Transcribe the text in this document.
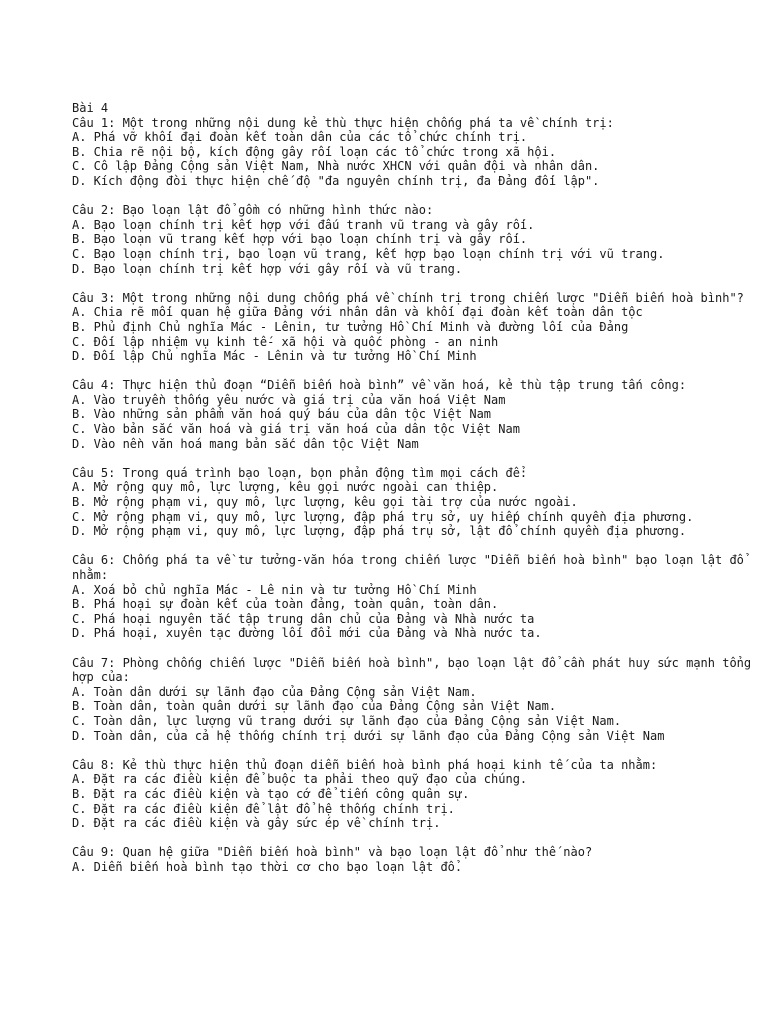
Bài 4
Câu 1: Một trong những nội dung kẻ thù thực hiện chống phá ta về chính trị:
A. Phá vỡ khối đại đoàn kết toàn dân của các tổ chức chính trị.
B. Chia rẽ nội bộ, kích động gây rối loạn các tổ chức trong xã hội.
C. Cô lập Đảng Cộng sản Việt Nam, Nhà nước XHCN với quân đội và nhân dân.
D. Kích động đòi thực hiện chế độ "đa nguyên chính trị, đa Đảng đối lập".
Câu 2: Bạo loạn lật đổ gồm có những hình thức nào:
A. Bạo loạn chính trị kết hợp với đấu tranh vũ trang và gây rối.
B. Bạo loạn vũ trang kết hợp với bạo loạn chính trị và gây rối.
C. Bạo loạn chính trị, bạo loạn vũ trang, kết hợp bạo loạn chính trị với vũ trang.
D. Bạo loạn chính trị kết hợp với gây rối và vũ trang.
Câu 3: Một trong những nội dung chống phá về chính trị trong chiến lược "Diễn biến hoà bình"?
A. Chia rẽ mối quan hệ giữa Đảng với nhân dân và khối đại đoàn kết toàn dân tộc
B. Phủ định Chủ nghĩa Mác - Lênin, tư tưởng Hồ Chí Minh và đường lối của Đảng
C. Đối lập nhiệm vụ kinh tế- xã hội và quốc phòng - an ninh
D. Đối lập Chủ nghĩa Mác - Lênin và tư tưởng Hồ Chí Minh
Câu 4: Thực hiện thủ đoạn “Diễn biến hoà bình” về văn hoá, kẻ thù tập trung tấn công:
A. Vào truyền thống yêu nước và giá trị của văn hoá Việt Nam
B. Vào những sản phẩm văn hoá quý báu của dân tộc Việt Nam
C. Vào bản sắc văn hoá và giá trị văn hoá của dân tộc Việt Nam
D. Vào nền văn hoá mang bản sắc dân tộc Việt Nam
Câu 5: Trong quá trình bạo loạn, bọn phản động tìm mọi cách để:
A. Mở rộng quy mô, lực lượng, kêu gọi nước ngoài can thiệp.
B. Mở rộng phạm vi, quy mô, lực lượng, kêu gọi tài trợ của nước ngoài.
C. Mở rộng phạm vi, quy mô, lực lượng, đập phá trụ sở, uy hiếp chính quyền địa phương.
D. Mở rộng phạm vi, quy mô, lực lượng, đập phá trụ sở, lật đổ chính quyền địa phương.
Câu 6: Chống phá ta về tư tưởng-văn hóa trong chiến lược "Diễn biến hoà bình" bạo loạn lật đổ nhằm:
A. Xoá bỏ chủ nghĩa Mác - Lê nin và tư tưởng Hồ Chí Minh
B. Phá hoại sự đoàn kết của toàn đảng, toàn quân, toàn dân.
C. Phá hoại nguyên tắc tập trung dân chủ của Đảng và Nhà nước ta
D. Phá hoại, xuyên tạc đường lối đổi mới của Đảng và Nhà nước ta.
Câu 7: Phòng chống chiến lược "Diễn biến hoà bình", bạo loạn lật đổ cần phát huy sức mạnh tổng hợp của:
A. Toàn dân dưới sự lãnh đạo của Đảng Cộng sản Việt Nam.
B. Toàn dân, toàn quân dưới sự lãnh đạo của Đảng Cộng sản Việt Nam.
C. Toàn dân, lực lượng vũ trang dưới sự lãnh đạo của Đảng Cộng sản Việt Nam.
D. Toàn dân, của cả hệ thống chính trị dưới sự lãnh đạo của Đảng Cộng sản Việt Nam
Câu 8: Kẻ thù thực hiện thủ đoạn diễn biến hoà bình phá hoại kinh tế của ta nhằm:
A. Đặt ra các điều kiện để buộc ta phải theo quỹ đạo của chúng.
B. Đặt ra các điều kiện và tạo cớ để tiến công quân sự.
C. Đặt ra các điều kiện để lật đổ hệ thống chính trị.
D. Đặt ra các điều kiện và gây sức ép về chính trị.
Câu 9: Quan hệ giữa "Diễn biến hoà bình" và bạo loạn lật đổ như thế nào?
A. Diễn biến hoà bình tạo thời cơ cho bạo loạn lật đổ.
